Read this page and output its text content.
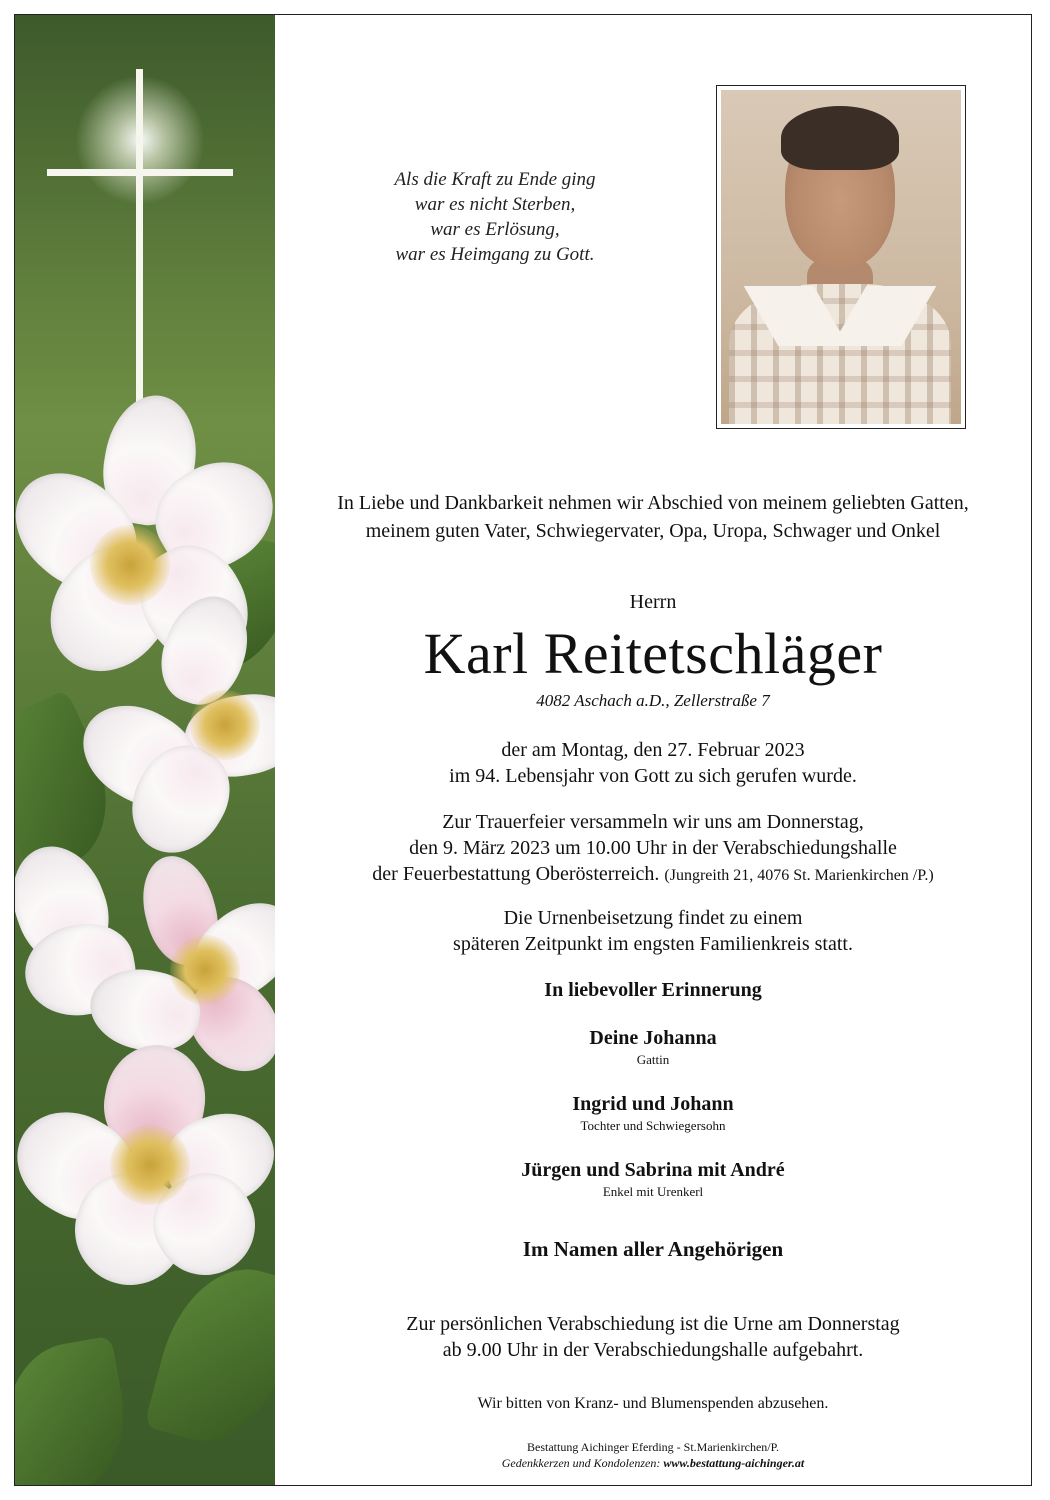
Als die Kraft zu Ende ging
war es nicht Sterben,
war es Erlösung,
war es Heimgang zu Gott.
In Liebe und Dankbarkeit nehmen wir Abschied von meinem geliebten Gatten,
meinem guten Vater, Schwiegervater, Opa, Uropa, Schwager und Onkel
Herrn
Karl Reitetschläger
4082 Aschach a.D., Zellerstraße 7
der am Montag, den 27. Februar 2023
im 94. Lebensjahr von Gott zu sich gerufen wurde.
Zur Trauerfeier versammeln wir uns am Donnerstag,
den 9. März 2023 um 10.00 Uhr in der Verabschiedungshalle
der Feuerbestattung Oberösterreich. (Jungreith 21, 4076 St. Marienkirchen /P.)
Die Urnenbeisetzung findet zu einem
späteren Zeitpunkt im engsten Familienkreis statt.
In liebevoller Erinnerung
Deine Johanna
Gattin
Ingrid und Johann
Tochter und Schwiegersohn
Jürgen und Sabrina mit André
Enkel mit Urenkerl
Im Namen aller Angehörigen
Zur persönlichen Verabschiedung ist die Urne am Donnerstag
ab 9.00 Uhr in der Verabschiedungshalle aufgebahrt.
Wir bitten von Kranz- und Blumenspenden abzusehen.
Bestattung Aichinger Eferding - St.Marienkirchen/P.
Gedenkkerzen und Kondolenzen: www.bestattung-aichinger.at
